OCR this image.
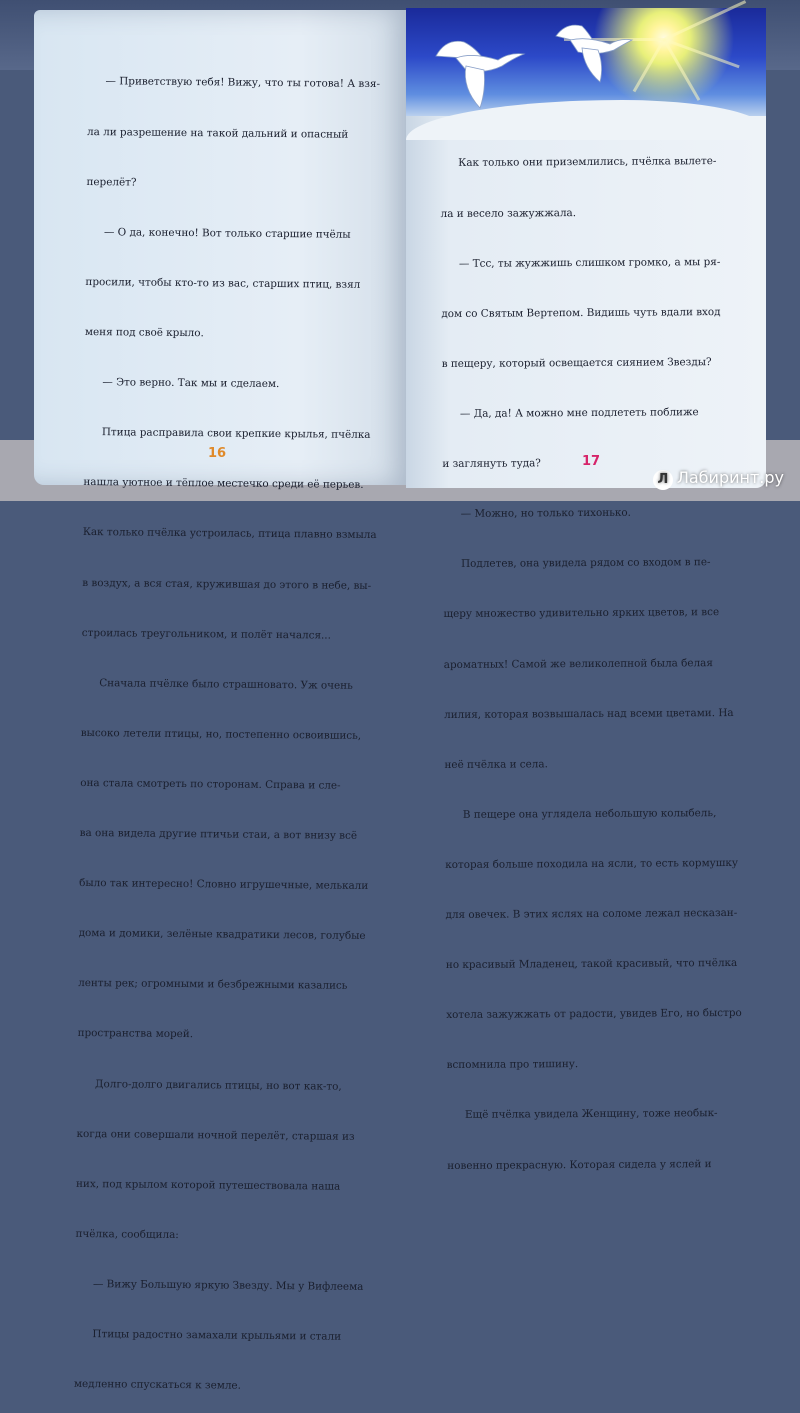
— Приветствую тебя! Вижу, что ты готова! А взя-

ла ли разрешение на такой дальний и опасный

перелёт?

— О да, конечно! Вот только старшие пчёлы

просили, чтобы кто-то из вас, старших птиц, взял

меня под своё крыло.

— Это верно. Так мы и сделаем.

Птица расправила свои крепкие крылья, пчёлка

нашла уютное и тёплое местечко среди её перьев.

Как только пчёлка устроилась, птица плавно взмыла

в воздух, а вся стая, кружившая до этого в небе, вы-

строилась треугольником, и полёт начался...

Сначала пчёлке было страшновато. Уж очень

высоко летели птицы, но, постепенно освоившись,

она стала смотреть по сторонам. Справа и сле-

ва она видела другие птичьи стаи, а вот внизу всё

было так интересно! Словно игрушечные, мелькали

дома и домики, зелёные квадратики лесов, голубые

ленты рек; огромными и безбрежными казались

пространства морей.

Долго-долго двигались птицы, но вот как-то,

когда они совершали ночной перелёт, старшая из

них, под крылом которой путешествовала наша

пчёлка, сообщила:

— Вижу Большую яркую Звезду. Мы у Вифлеема

Птицы радостно замахали крыльями и стали

медленно спускаться к земле.

16

Как только они приземлились, пчёлка вылете-

ла и весело зажужжала.

— Тсс, ты жужжишь слишком громко, а мы ря-

дом со Святым Вертепом. Видишь чуть вдали вход

в пещеру, который освещается сиянием Звезды?

— Да, да! А можно мне подлететь поближе

и заглянуть туда?

— Можно, но только тихонько.

Подлетев, она увидела рядом со входом в пе-

щеру множество удивительно ярких цветов, и все

ароматных! Самой же великолепной была белая

лилия, которая возвышалась над всеми цветами. На

неё пчёлка и села.

В пещере она углядела небольшую колыбель,

которая больше походила на ясли, то есть кормушку

для овечек. В этих яслях на соломе лежал несказан-

но красивый Младенец, такой красивый, что пчёлка

хотела зажужжать от радости, увидев Его, но быстро

вспомнила про тишину.

Ещё пчёлка увидела Женщину, тоже необык-

новенно прекрасную. Которая сидела у яслей и

17
Л Лабиринт.ру
